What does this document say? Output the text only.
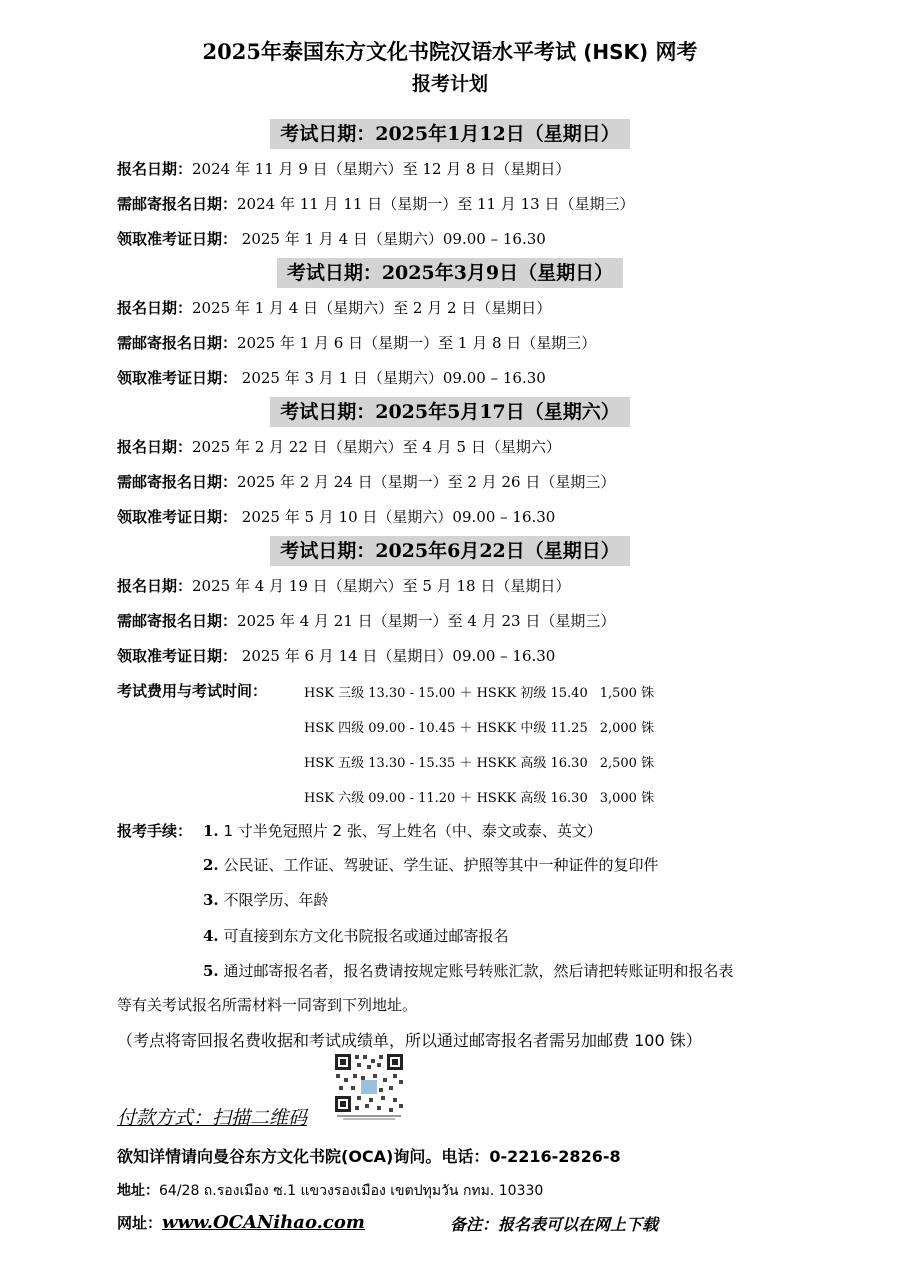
2025年泰国东方文化书院汉语水平考试 (HSK) 网考
报考计划
考试日期：2025年1月12日（星期日）
报名日期：2024 年 11 月 9 日（星期六）至 12 月 8 日（星期日）
需邮寄报名日期：2024 年 11 月 11 日（星期一）至 11 月 13 日（星期三）
领取准考证日期： 2025 年 1 月 4 日（星期六）09.00 – 16.30
考试日期：2025年3月9日（星期日）
报名日期：2025 年 1 月 4 日（星期六）至 2 月 2 日（星期日）
需邮寄报名日期：2025 年 1 月 6 日（星期一）至 1 月 8 日（星期三）
领取准考证日期： 2025 年 3 月 1 日（星期六）09.00 – 16.30
考试日期：2025年5月17日（星期六）
报名日期：2025 年 2 月 22 日（星期六）至 4 月 5 日（星期六）
需邮寄报名日期：2025 年 2 月 24 日（星期一）至 2 月 26 日（星期三）
领取准考证日期： 2025 年 5 月 10 日（星期六）09.00 – 16.30
考试日期：2025年6月22日（星期日）
报名日期：2025 年 4 月 19 日（星期六）至 5 月 18 日（星期日）
需邮寄报名日期：2025 年 4 月 21 日（星期一）至 4 月 23 日（星期三）
领取准考证日期： 2025 年 6 月 14 日（星期日）09.00 – 16.30
考试费用与考试时间：	HSK 三级 13.30 - 15.00 ＋ HSKK 初级 15.40 1,500 铢
HSK 四级 09.00 - 10.45 ＋ HSKK 中级 11.25 2,000 铢
HSK 五级 13.30 - 15.35 ＋ HSKK 高级 16.30 2,500 铢
HSK 六级 09.00 - 11.20 ＋ HSKK 高级 16.30 3,000 铢
报考手续： 1. 1 寸半免冠照片 2 张、写上姓名（中、泰文或泰、英文）
2. 公民证、工作证、驾驶证、学生证、护照等其中一种证件的复印件
3. 不限学历、年龄
4. 可直接到东方文化书院报名或通过邮寄报名
5. 通过邮寄报名者，报名费请按规定账号转账汇款，然后请把转账证明和报名表
等有关考试报名所需材料一同寄到下列地址。
（考点将寄回报名费收据和考试成绩单，所以通过邮寄报名者需另加邮费 100 铢）
付款方式：扫描二维码
欲知详情请向曼谷东方文化书院(OCA)询问。电话：0-2216-2826-8
地址：64/28 ถ.รองเมือง ซ.1 แขวงรองเมือง เขตปทุมวัน กทม. 10330
网址：www.OCANihao.com	备注：报名表可以在网上下载
